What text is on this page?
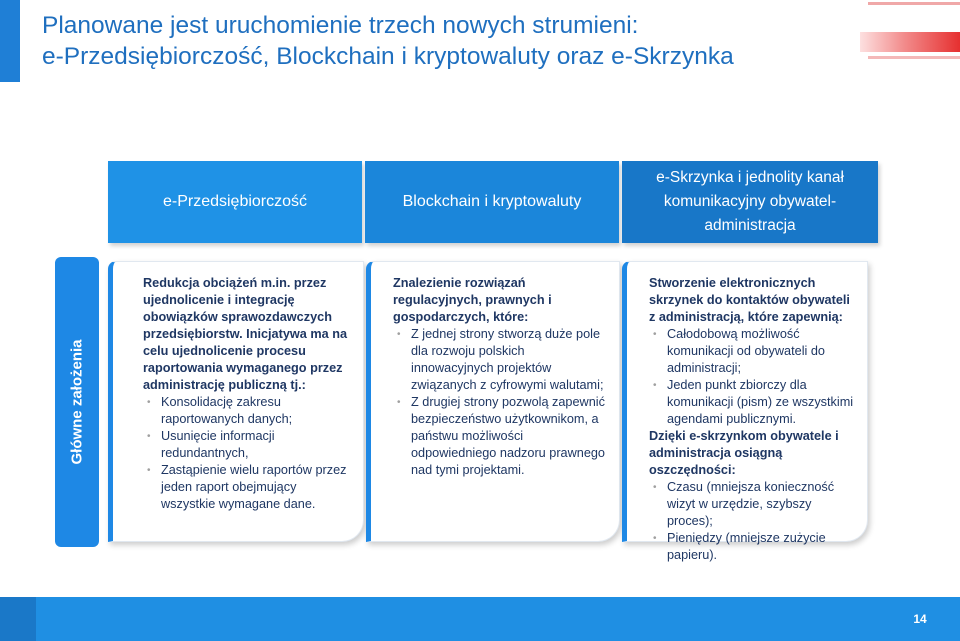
Planowane jest uruchomienie trzech nowych strumieni:
e-Przedsiębiorczość, Blockchain i kryptowaluty oraz e-Skrzynka
e-Przedsiębiorczość	Blockchain i kryptowaluty
e-Skrzynka i jednolity kanał komunikacyjny obywatel-administracja
Główne założenia
Redukcja obciążeń m.in. przez ujednolicenie i integrację obowiązków sprawozdawczych przedsiębiorstw. Inicjatywa ma na celu ujednolicenie procesu raportowania wymaganego przez administrację publiczną tj.:
• Konsolidację zakresu raportowanych danych;
• Usunięcie informacji redundantnych,
• Zastąpienie wielu raportów przez jeden raport obejmujący wszystkie wymagane dane.
Znalezienie rozwiązań regulacyjnych, prawnych i gospodarczych, które:
• Z jednej strony stworzą duże pole dla rozwoju polskich innowacyjnych projektów związanych z cyfrowymi walutami;
• Z drugiej strony pozwolą zapewnić bezpieczeństwo użytkownikom, a państwu możliwości odpowiedniego nadzoru prawnego nad tymi projektami.
Stworzenie elektronicznych skrzynek do kontaktów obywateli z administracją, które zapewnią:
• Całodobową możliwość komunikacji od obywateli do administracji;
• Jeden punkt zbiorczy dla komunikacji (pism) ze wszystkimi agendami publicznymi.
Dzięki e-skrzynkom obywatele i administracja osiągną oszczędności:
• Czasu (mniejsza konieczność wizyt w urzędzie, szybszy proces);
• Pieniędzy (mniejsze zużycie papieru).
14
